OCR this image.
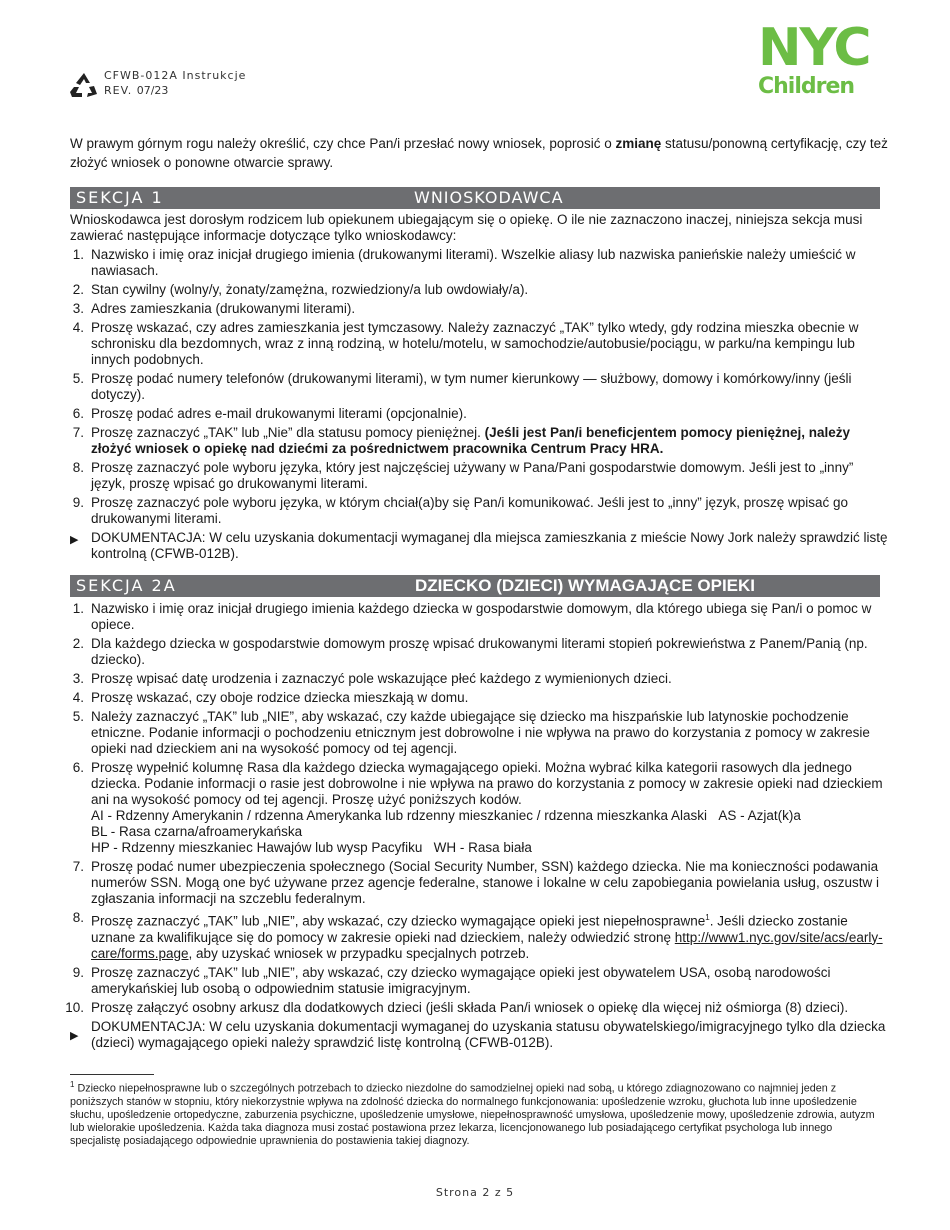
CFWB-012A Instrukcje
REV. 07/23
NYC
Children
W prawym górnym rogu należy określić, czy chce Pan/i przesłać nowy wniosek, poprosić o zmianę statusu/ponowną certyfikację, czy też złożyć wniosek o ponowne otwarcie sprawy.
SEKCJA 1	WNIOSKODAWCA

Wnioskodawca jest dorosłym rodzicem lub opiekunem ubiegającym się o opiekę. O ile nie zaznaczono inaczej, niniejsza sekcja musi zawierać następujące informacje dotyczące tylko wnioskodawcy:

1. Nazwisko i imię oraz inicjał drugiego imienia (drukowanymi literami). Wszelkie aliasy lub nazwiska panieńskie należy umieścić w nawiasach.
2. Stan cywilny (wolny/y, żonaty/zamężna, rozwiedziony/a lub owdowiały/a).
3. Adres zamieszkania (drukowanymi literami).
4. Proszę wskazać, czy adres zamieszkania jest tymczasowy. Należy zaznaczyć „TAK” tylko wtedy, gdy rodzina mieszka obecnie w schronisku dla bezdomnych, wraz z inną rodziną, w hotelu/motelu, w samochodzie/autobusie/pociągu, w parku/na kempingu lub innych podobnych.
5. Proszę podać numery telefonów (drukowanymi literami), w tym numer kierunkowy — służbowy, domowy i komórkowy/inny (jeśli dotyczy).
6. Proszę podać adres e-mail drukowanymi literami (opcjonalnie).
7. Proszę zaznaczyć „TAK” lub „Nie” dla statusu pomocy pieniężnej. (Jeśli jest Pan/i beneficjentem pomocy pieniężnej, należy złożyć wniosek o opiekę nad dziećmi za pośrednictwem pracownika Centrum Pracy HRA.
8. Proszę zaznaczyć pole wyboru języka, który jest najczęściej używany w Pana/Pani gospodarstwie domowym. Jeśli jest to „inny” język, proszę wpisać go drukowanymi literami.
9. Proszę zaznaczyć pole wyboru języka, w którym chciał(a)by się Pan/i komunikować. Jeśli jest to „inny” język, proszę wpisać go drukowanymi literami.
▶ DOKUMENTACJA: W celu uzyskania dokumentacji wymaganej dla miejsca zamieszkania z mieście Nowy Jork należy sprawdzić listę kontrolną (CFWB-012B).
SEKCJA 2A	DZIECKO (DZIECI) WYMAGAJĄCE OPIEKI
1. Nazwisko i imię oraz inicjał drugiego imienia każdego dziecka w gospodarstwie domowym, dla którego ubiega się Pan/i o pomoc w opiece.
2. Dla każdego dziecka w gospodarstwie domowym proszę wpisać drukowanymi literami stopień pokrewieństwa z Panem/Panią (np. dziecko).
3. Proszę wpisać datę urodzenia i zaznaczyć pole wskazujące płeć każdego z wymienionych dzieci.
4. Proszę wskazać, czy oboje rodzice dziecka mieszkają w domu.
5. Należy zaznaczyć „TAK” lub „NIE”, aby wskazać, czy każde ubiegające się dziecko ma hiszpańskie lub latynoskie pochodzenie etniczne. Podanie informacji o pochodzeniu etnicznym jest dobrowolne i nie wpływa na prawo do korzystania z pomocy w zakresie opieki nad dzieckiem ani na wysokość pomocy od tej agencji.
6. Proszę wypełnić kolumnę Rasa dla każdego dziecka wymagającego opieki. Można wybrać kilka kategorii rasowych dla jednego dziecka. Podanie informacji o rasie jest dobrowolne i nie wpływa na prawo do korzystania z pomocy w zakresie opieki nad dzieckiem ani na wysokość pomocy od tej agencji. Proszę użyć poniższych kodów.
AI - Rdzenny Amerykanin / rdzenna Amerykanka lub rdzenny mieszkaniec / rdzenna mieszkanka Alaski AS - Azjat(k)a
BL - Rasa czarna/afroamerykańska
HP - Rdzenny mieszkaniec Hawajów lub wysp Pacyfiku WH - Rasa biała
7. Proszę podać numer ubezpieczenia społecznego (Social Security Number, SSN) każdego dziecka. Nie ma konieczności podawania numerów SSN. Mogą one być używane przez agencje federalne, stanowe i lokalne w celu zapobiegania powielania usług, oszustw i zgłaszania informacji na szczeblu federalnym.
8. Proszę zaznaczyć „TAK” lub „NIE”, aby wskazać, czy dziecko wymagające opieki jest niepełnosprawne$^1$. Jeśli dziecko zostanie uznane za kwalifikujące się do pomocy w zakresie opieki nad dzieckiem, należy odwiedzić stronę http://www1.nyc.gov/site/acs/early-care/forms.page, aby uzyskać wniosek w przypadku specjalnych potrzeb.
9. Proszę zaznaczyć „TAK” lub „NIE”, aby wskazać, czy dziecko wymagające opieki jest obywatelem USA, osobą narodowości amerykańskiej lub osobą o odpowiednim statusie imigracyjnym.
10. Proszę załączyć osobny arkusz dla dodatkowych dzieci (jeśli składa Pan/i wniosek o opiekę dla więcej niż ośmiorga (8) dzieci).
▶
DOKUMENTACJA: W celu uzyskania dokumentacji wymaganej do uzyskania statusu obywatelskiego/imigracyjnego tylko dla dziecka (dzieci) wymagającego opieki należy sprawdzić listę kontrolną (CFWB-012B).
$^1$ Dziecko niepełnosprawne lub o szczególnych potrzebach to dziecko niezdolne do samodzielnej opieki nad sobą, u którego zdiagnozowano co najmniej jeden z poniższych stanów w stopniu, który niekorzystnie wpływa na zdolność dziecka do normalnego funkcjonowania: upośledzenie wzroku, głuchota lub inne upośledzenie słuchu, upośledzenie ortopedyczne, zaburzenia psychiczne, upośledzenie umysłowe, niepełnosprawność umysłowa, upośledzenie mowy, upośledzenie zdrowia, autyzm lub wielorakie upośledzenia. Każda taka diagnoza musi zostać postawiona przez lekarza, licencjonowanego lub posiadającego certyfikat psychologa lub innego specjalistę posiadającego odpowiednie uprawnienia do postawienia takiej diagnozy.
Strona 2 z 5
